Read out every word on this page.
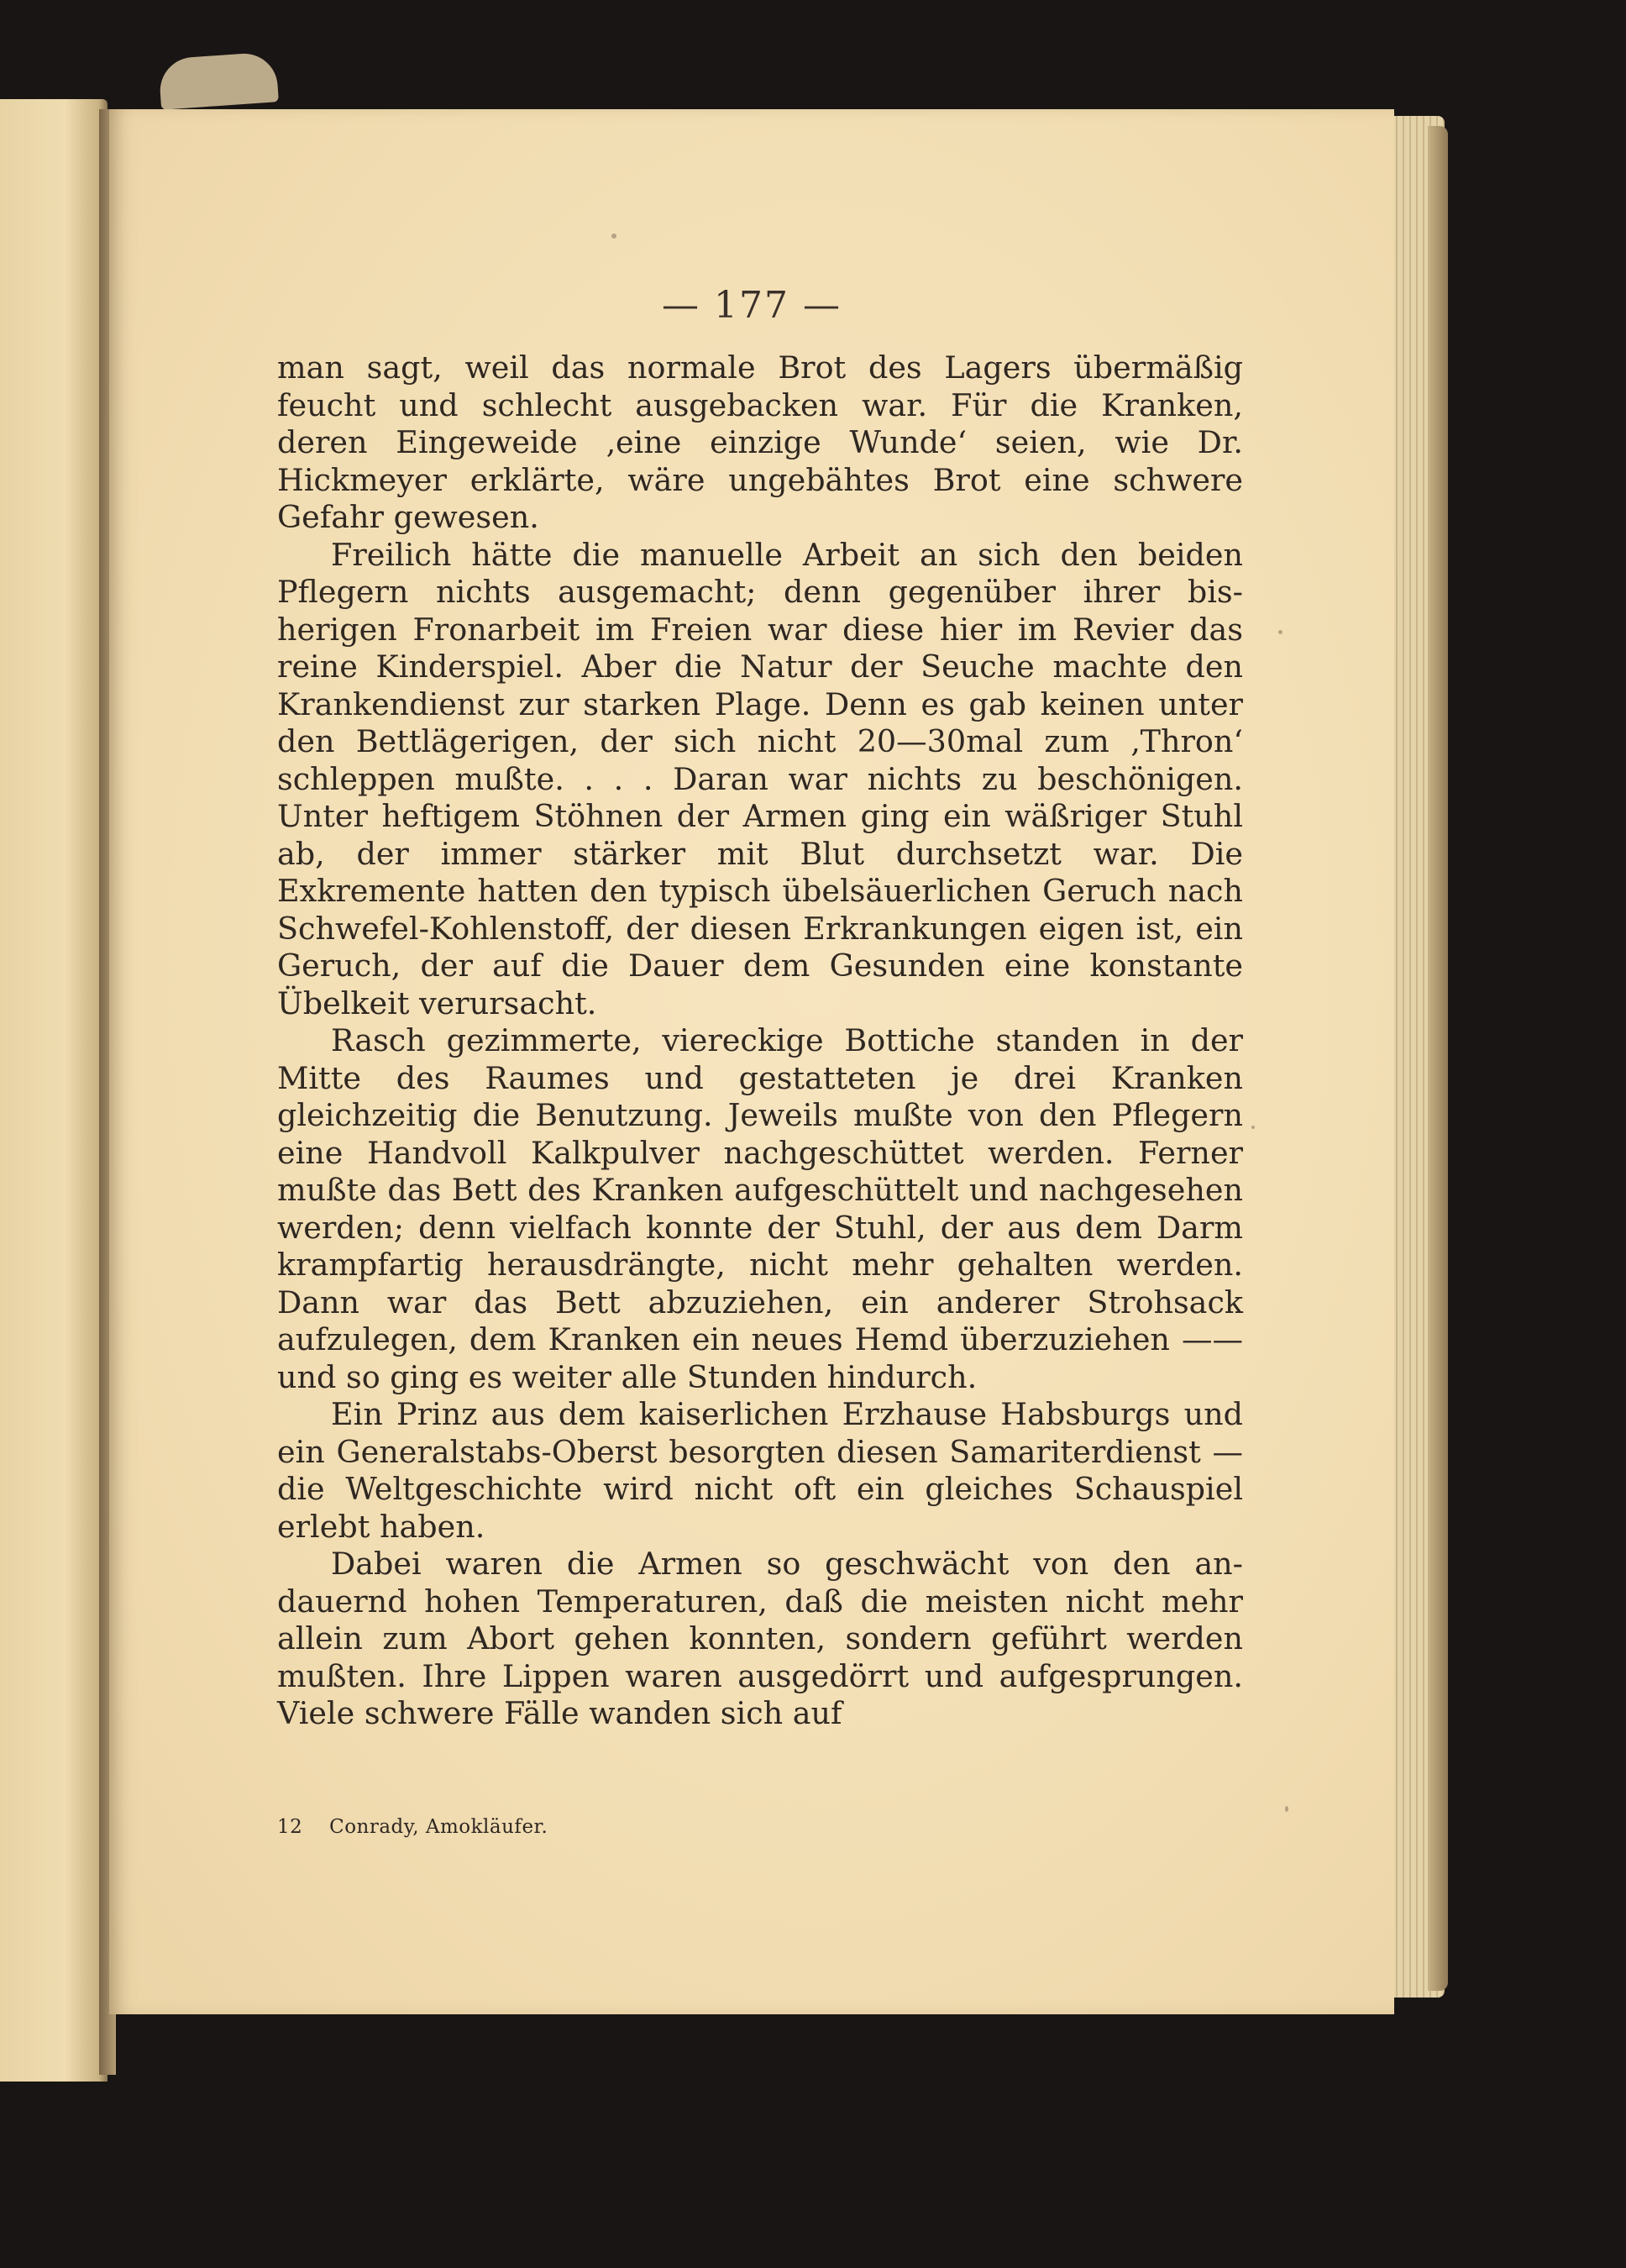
— 177 —

man sagt, weil das normale Brot des Lagers übermäßig feucht und schlecht ausgebacken war. Für die Kranken, deren Eingeweide ‚eine einzige Wunde‘ seien, wie Dr. Hickmeyer erklärte, wäre ungebähtes Brot eine schwere Gefahr gewesen.

Freilich hätte die manuelle Arbeit an sich den beiden Pflegern nichts ausgemacht; denn gegenüber ihrer bisherigen Fronarbeit im Freien war diese hier im Revier das reine Kinderspiel. Aber die Natur der Seuche machte den Krankendienst zur starken Plage. Denn es gab keinen unter den Bettlägerigen, der sich nicht 20—30mal zum ‚Thron‘ schleppen mußte. . . . Daran war nichts zu beschönigen. Unter heftigem Stöhnen der Armen ging ein wäßriger Stuhl ab, der immer stärker mit Blut durchsetzt war. Die Exkremente hatten den typisch übelsäuerlichen Geruch nach Schwefel-Kohlenstoff, der diesen Erkrankungen eigen ist, ein Geruch, der auf die Dauer dem Gesunden eine konstante Übelkeit verursacht.

Rasch gezimmerte, viereckige Bottiche standen in der Mitte des Raumes und gestatteten je drei Kranken gleichzeitig die Benutzung. Jeweils mußte von den Pflegern eine Handvoll Kalkpulver nachgeschüttet werden. Ferner mußte das Bett des Kranken aufgeschüttelt und nachgesehen werden; denn vielfach konnte der Stuhl, der aus dem Darm krampfartig herausdrängte, nicht mehr gehalten werden. Dann war das Bett abzuziehen, ein anderer Strohsack aufzulegen, dem Kranken ein neues Hemd überzuziehen —— und so ging es weiter alle Stunden hindurch.

Ein Prinz aus dem kaiserlichen Erzhause Habsburgs und ein Generalstabs-Oberst besorgten diesen Samariterdienst — die Weltgeschichte wird nicht oft ein gleiches Schauspiel erlebt haben.

Dabei waren die Armen so geschwächt von den andauernd hohen Temperaturen, daß die meisten nicht mehr allein zum Abort gehen konnten, sondern geführt werden mußten. Ihre Lippen waren ausgedörrt und aufgesprungen. Viele schwere Fälle wanden sich auf

12 Conrady, Amokläufer.
